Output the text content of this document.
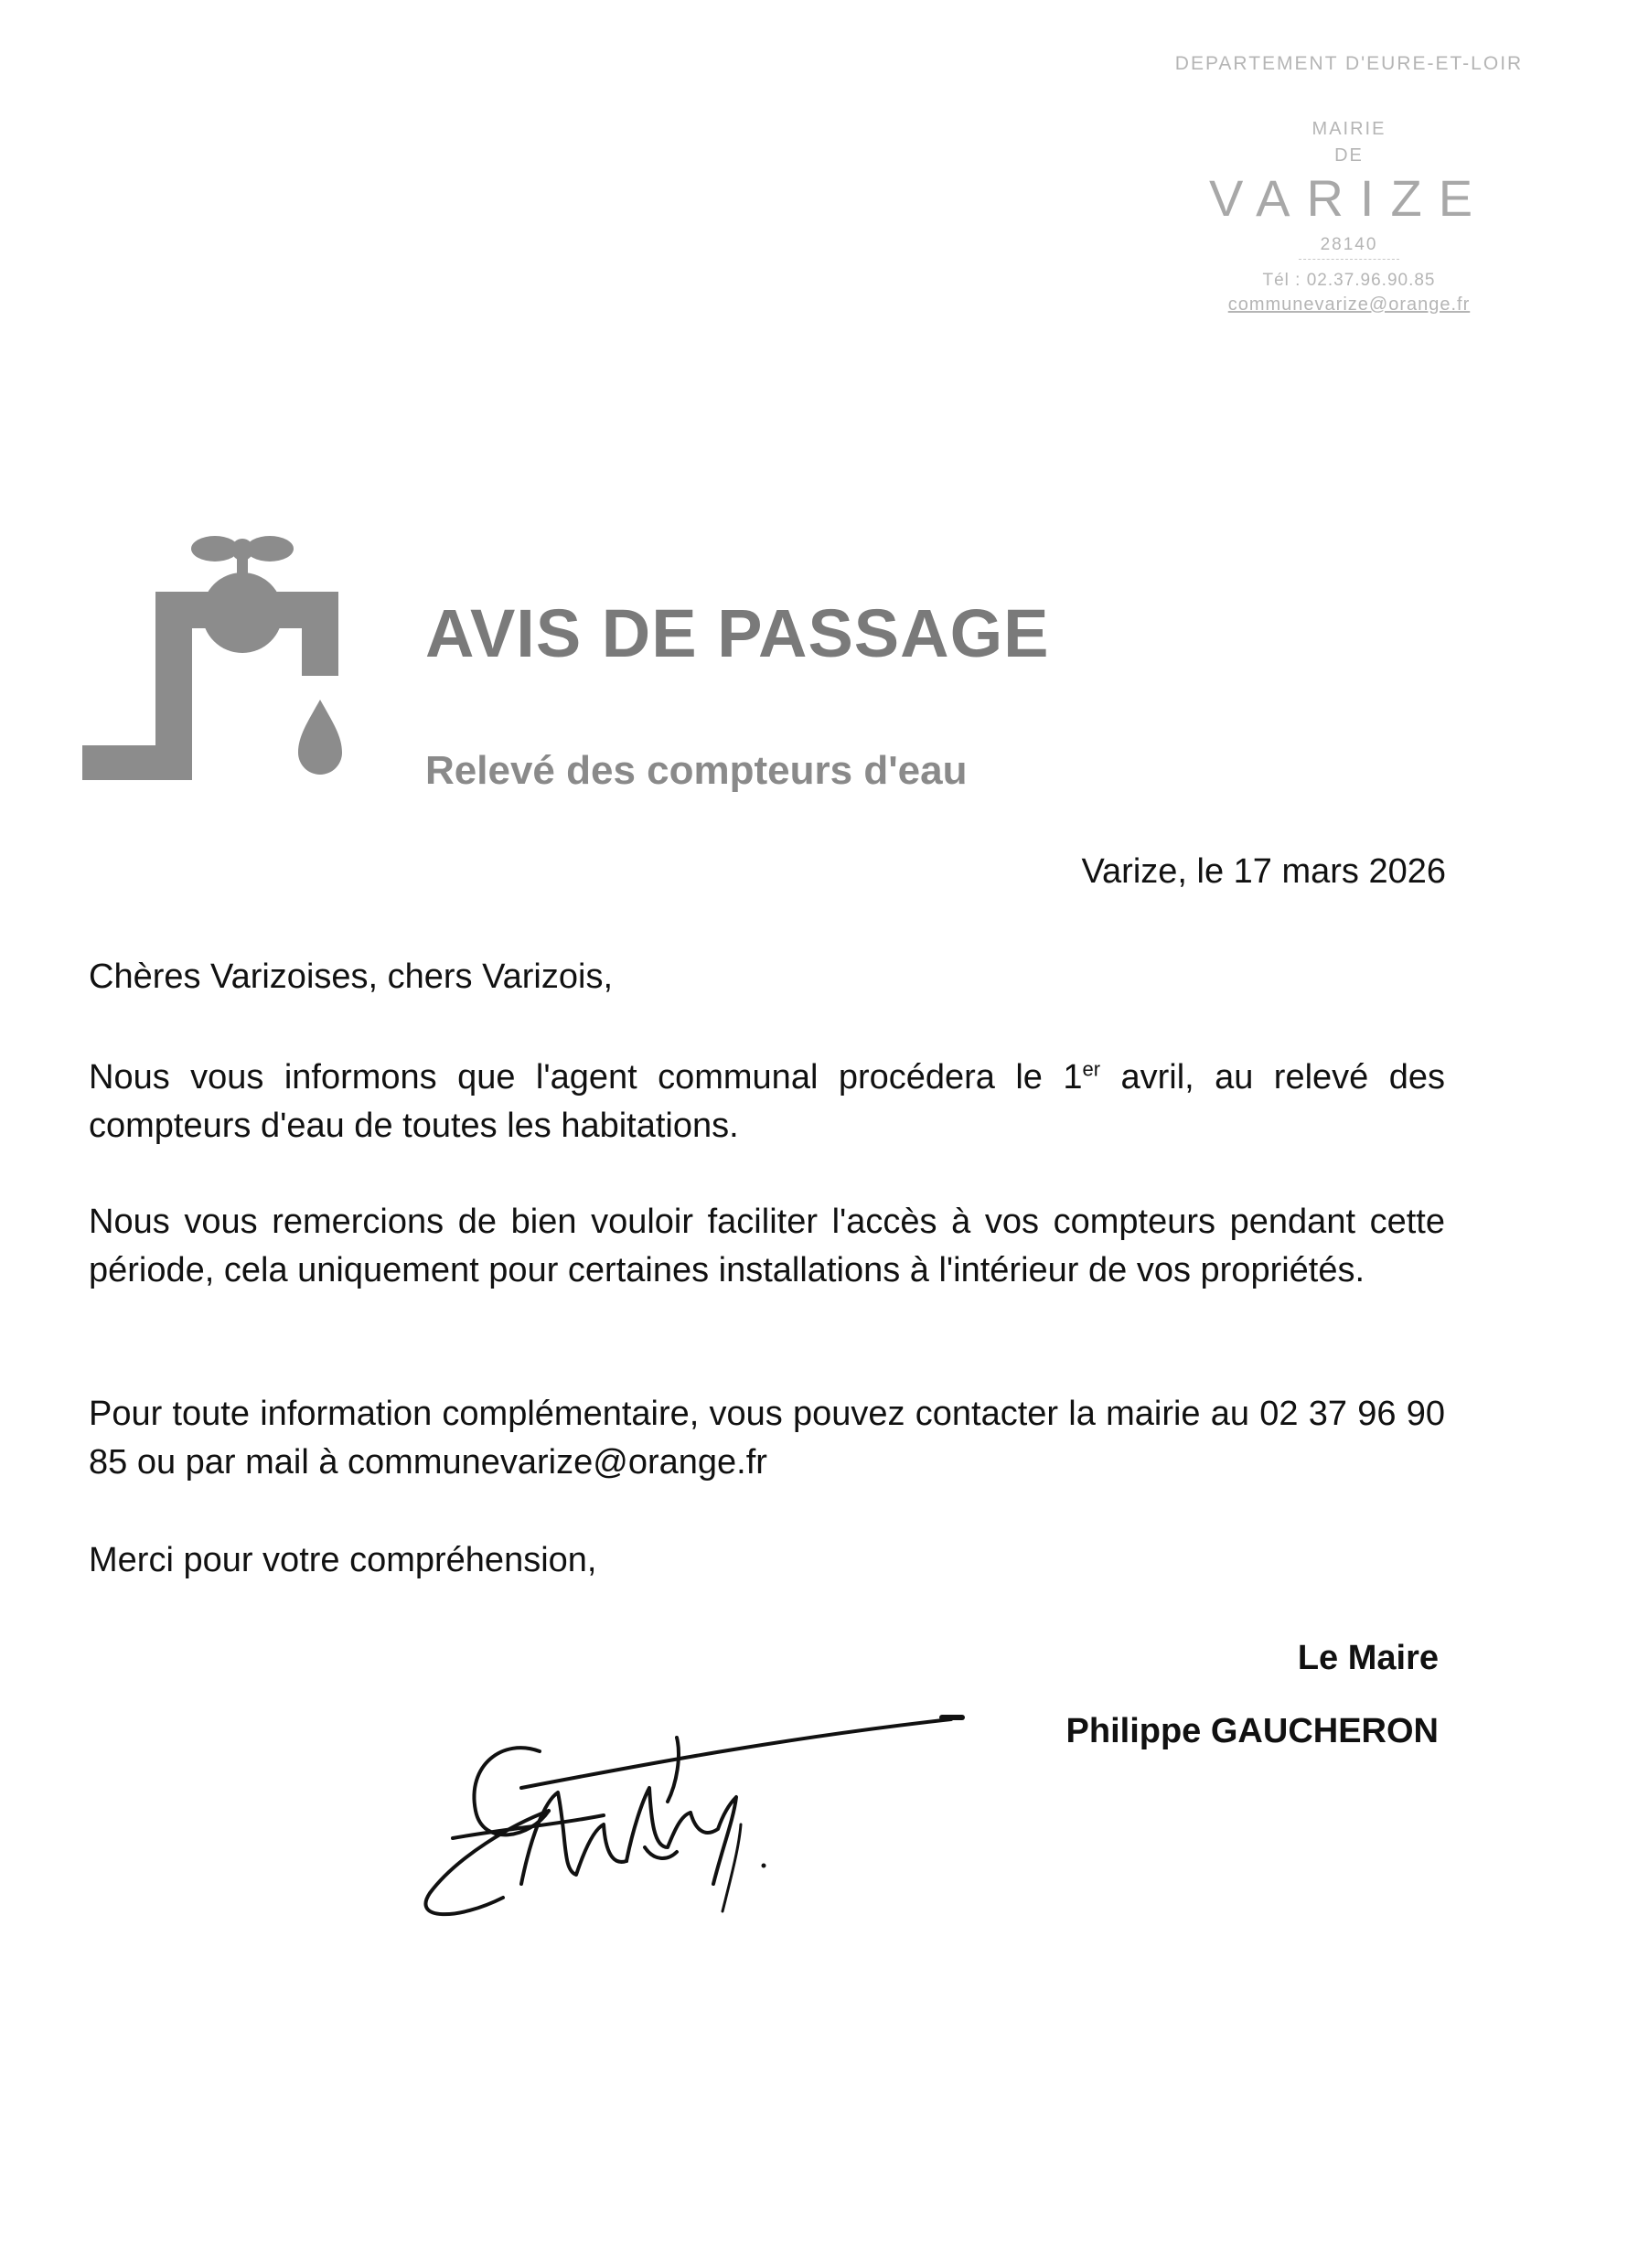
DEPARTEMENT D'EURE-ET-LOIR
MAIRIE
DE
VARIZE
28140
Tél : 02.37.96.90.85
communevarize@orange.fr
AVIS DE PASSAGE
Relevé des compteurs d'eau
Varize, le 17 mars 2026
Chères Varizoises, chers Varizois,
Nous vous informons que l'agent communal procédera le 1er avril, au relevé des compteurs d'eau de toutes les habitations.
Nous vous remercions de bien vouloir faciliter l'accès à vos compteurs pendant cette période, cela uniquement pour certaines installations à l'intérieur de vos propriétés.
Pour toute information complémentaire, vous pouvez contacter la mairie au 02 37 96 90 85 ou par mail à communevarize@orange.fr
Merci pour votre compréhension,
Le Maire
Philippe GAUCHERON
